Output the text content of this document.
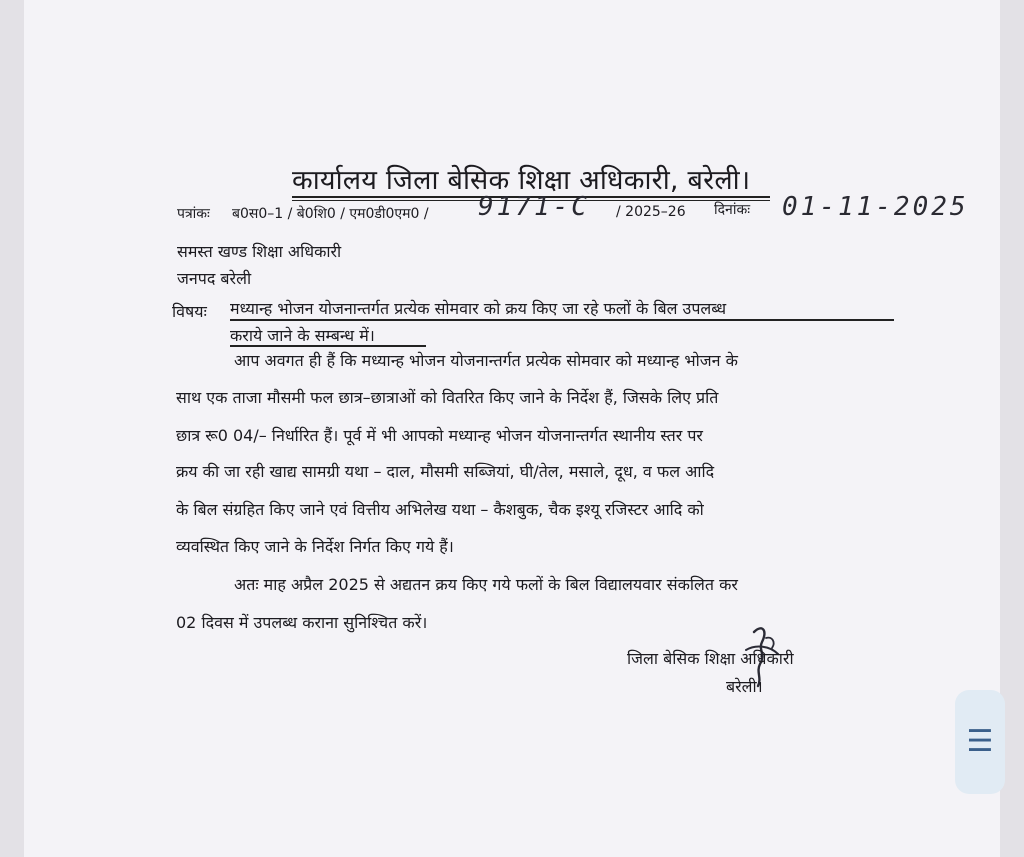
कार्यालय जिला बेसिक शिक्षा अधिकारी, बरेली।
पत्रांकः ब0स0–1 / बे0शि0 / एम0डी0एम0 / 9171-C / 2025–26 दिनांकः 01-11-2025
समस्त खण्ड शिक्षा अधिकारी
जनपद बरेली
विषयः मध्यान्ह भोजन योजनान्तर्गत प्रत्येक सोमवार को क्रय किए जा रहे फलों के बिल उपलब्ध
कराये जाने के सम्बन्ध में।
आप अवगत ही हैं कि मध्यान्ह भोजन योजनान्तर्गत प्रत्येक सोमवार को मध्यान्ह भोजन के
साथ एक ताजा मौसमी फल छात्र–छात्राओं को वितरित किए जाने के निर्देश हैं, जिसके लिए प्रति
छात्र रू0 04/– निर्धारित हैं। पूर्व में भी आपको मध्यान्ह भोजन योजनान्तर्गत स्थानीय स्तर पर
क्रय की जा रही खाद्य सामग्री यथा – दाल, मौसमी सब्जियां, घी/तेल, मसाले, दूध, व फल आदि
के बिल संग्रहित किए जाने एवं वित्तीय अभिलेख यथा – कैशबुक, चैक इश्यू रजिस्टर आदि को
व्यवस्थित किए जाने के निर्देश निर्गत किए गये हैं।
अतः माह अप्रैल 2025 से अद्यतन क्रय किए गये फलों के बिल विद्यालयवार संकलित कर
02 दिवस में उपलब्ध कराना सुनिश्चित करें।
जिला बेसिक शिक्षा अधिकारी
बरेली।
☰
